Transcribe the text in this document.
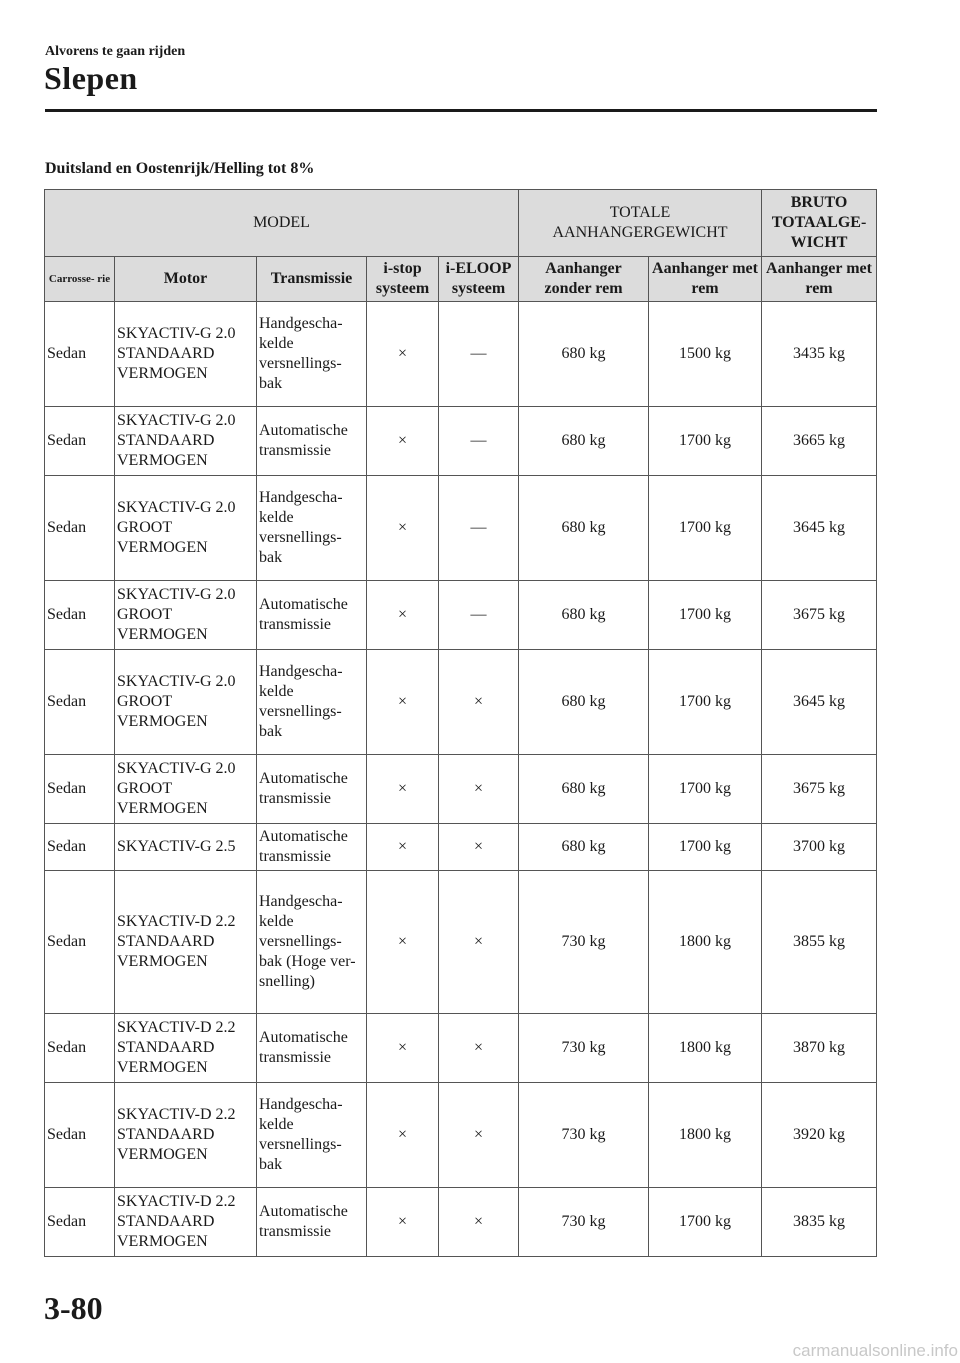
Alvorens te gaan rijden
Slepen
Duitsland en Oostenrijk/Helling tot 8%
MODEL					TOTALE AANHANGERGEWICHT		BRUTO TOTAALGE- WICHT
Carrosse- rie	Motor	Transmissie	i-stop systeem	i-ELOOP systeem	Aanhanger zonder rem	Aanhanger met rem	Aanhanger met rem
Sedan	SKYACTIV-G 2.0 STANDAARD VERMOGEN	Handgescha- kelde versnellings- bak	×	—	680 kg	1500 kg	3435 kg
Sedan	SKYACTIV-G 2.0 STANDAARD VERMOGEN	Automatische transmissie	×	—	680 kg	1700 kg	3665 kg
Sedan	SKYACTIV-G 2.0 GROOT VERMOGEN	Handgescha- kelde versnellings- bak	×	—	680 kg	1700 kg	3645 kg
Sedan	SKYACTIV-G 2.0 GROOT VERMOGEN	Automatische transmissie	×	—	680 kg	1700 kg	3675 kg
Sedan	SKYACTIV-G 2.0 GROOT VERMOGEN	Handgescha- kelde versnellings- bak	×	×	680 kg	1700 kg	3645 kg
Sedan	SKYACTIV-G 2.0 GROOT VERMOGEN	Automatische transmissie	×	×	680 kg	1700 kg	3675 kg
Sedan	SKYACTIV-G 2.5	Automatische transmissie	×	×	680 kg	1700 kg	3700 kg
Sedan	SKYACTIV-D 2.2 STANDAARD VERMOGEN	Handgescha- kelde versnellings- bak (Hoge ver- snelling)	×	×	730 kg	1800 kg	3855 kg
Sedan	SKYACTIV-D 2.2 STANDAARD VERMOGEN	Automatische transmissie	×	×	730 kg	1800 kg	3870 kg
Sedan	SKYACTIV-D 2.2 STANDAARD VERMOGEN	Handgescha- kelde versnellings- bak	×	×	730 kg	1800 kg	3920 kg
Sedan	SKYACTIV-D 2.2 STANDAARD VERMOGEN	Automatische transmissie	×	×	730 kg	1700 kg	3835 kg
3-80
carmanualsonline.info
